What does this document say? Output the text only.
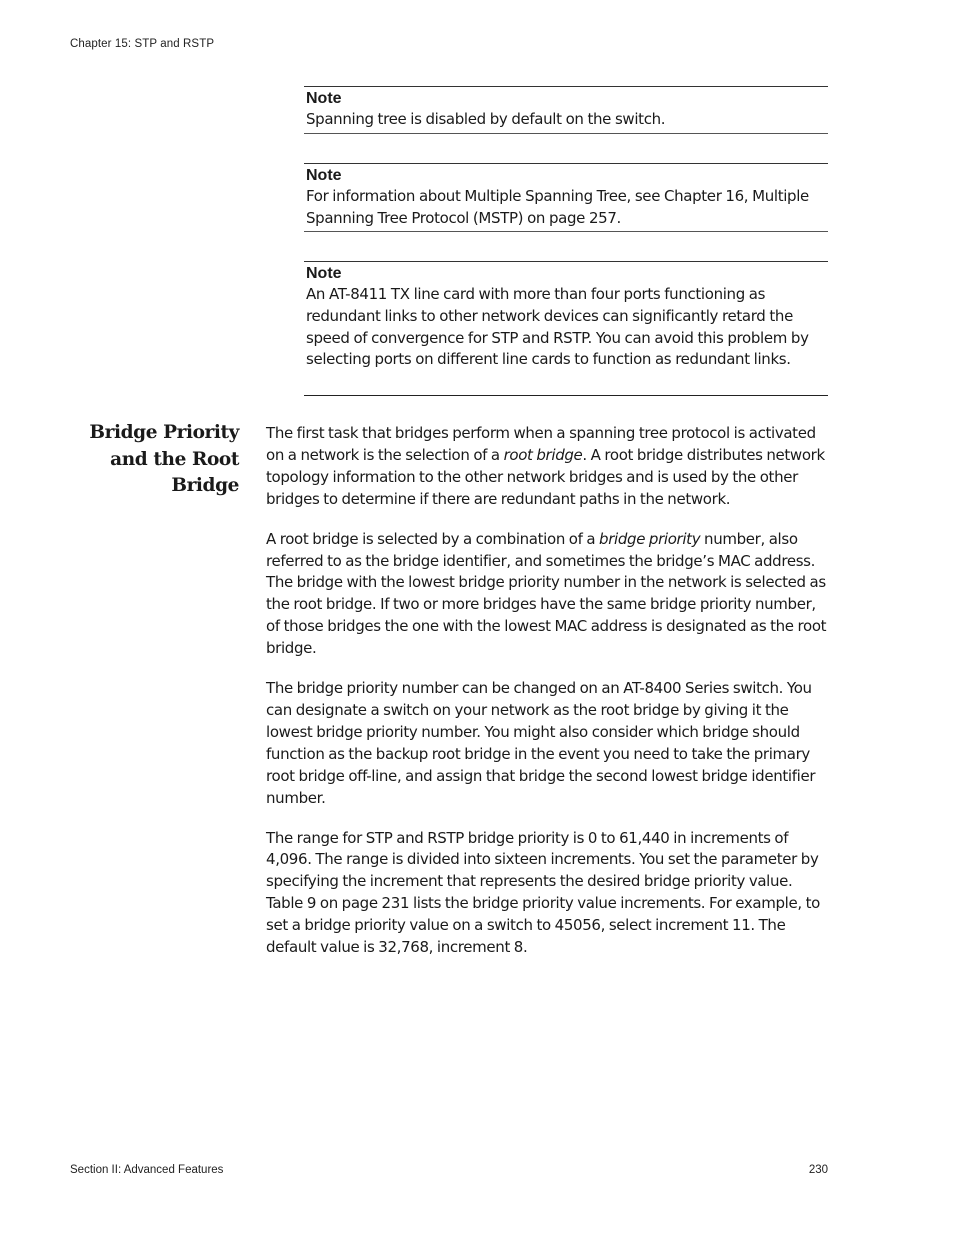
Chapter 15: STP and RSTP
Note
Spanning tree is disabled by default on the switch.
Note
For information about Multiple Spanning Tree, see Chapter 16, Multiple Spanning Tree Protocol (MSTP) on page 257.
Note
An AT-8411 TX line card with more than four ports functioning as redundant links to other network devices can significantly retard the speed of convergence for STP and RSTP. You can avoid this problem by selecting ports on different line cards to function as redundant links.
Bridge Priority and the Root Bridge

The first task that bridges perform when a spanning tree protocol is activated on a network is the selection of a root bridge. A root bridge distributes network topology information to the other network bridges and is used by the other bridges to determine if there are redundant paths in the network.

A root bridge is selected by a combination of a bridge priority number, also referred to as the bridge identifier, and sometimes the bridge’s MAC address. The bridge with the lowest bridge priority number in the network is selected as the root bridge. If two or more bridges have the same bridge priority number, of those bridges the one with the lowest MAC address is designated as the root bridge.

The bridge priority number can be changed on an AT-8400 Series switch. You can designate a switch on your network as the root bridge by giving it the lowest bridge priority number. You might also consider which bridge should function as the backup root bridge in the event you need to take the primary root bridge off-line, and assign that bridge the second lowest bridge identifier number.

The range for STP and RSTP bridge priority is 0 to 61,440 in increments of 4,096. The range is divided into sixteen increments. You set the parameter by specifying the increment that represents the desired bridge priority value. Table 9 on page 231 lists the bridge priority value increments. For example, to set a bridge priority value on a switch to 45056, select increment 11. The default value is 32,768, increment 8.

Section II: Advanced Features	230
